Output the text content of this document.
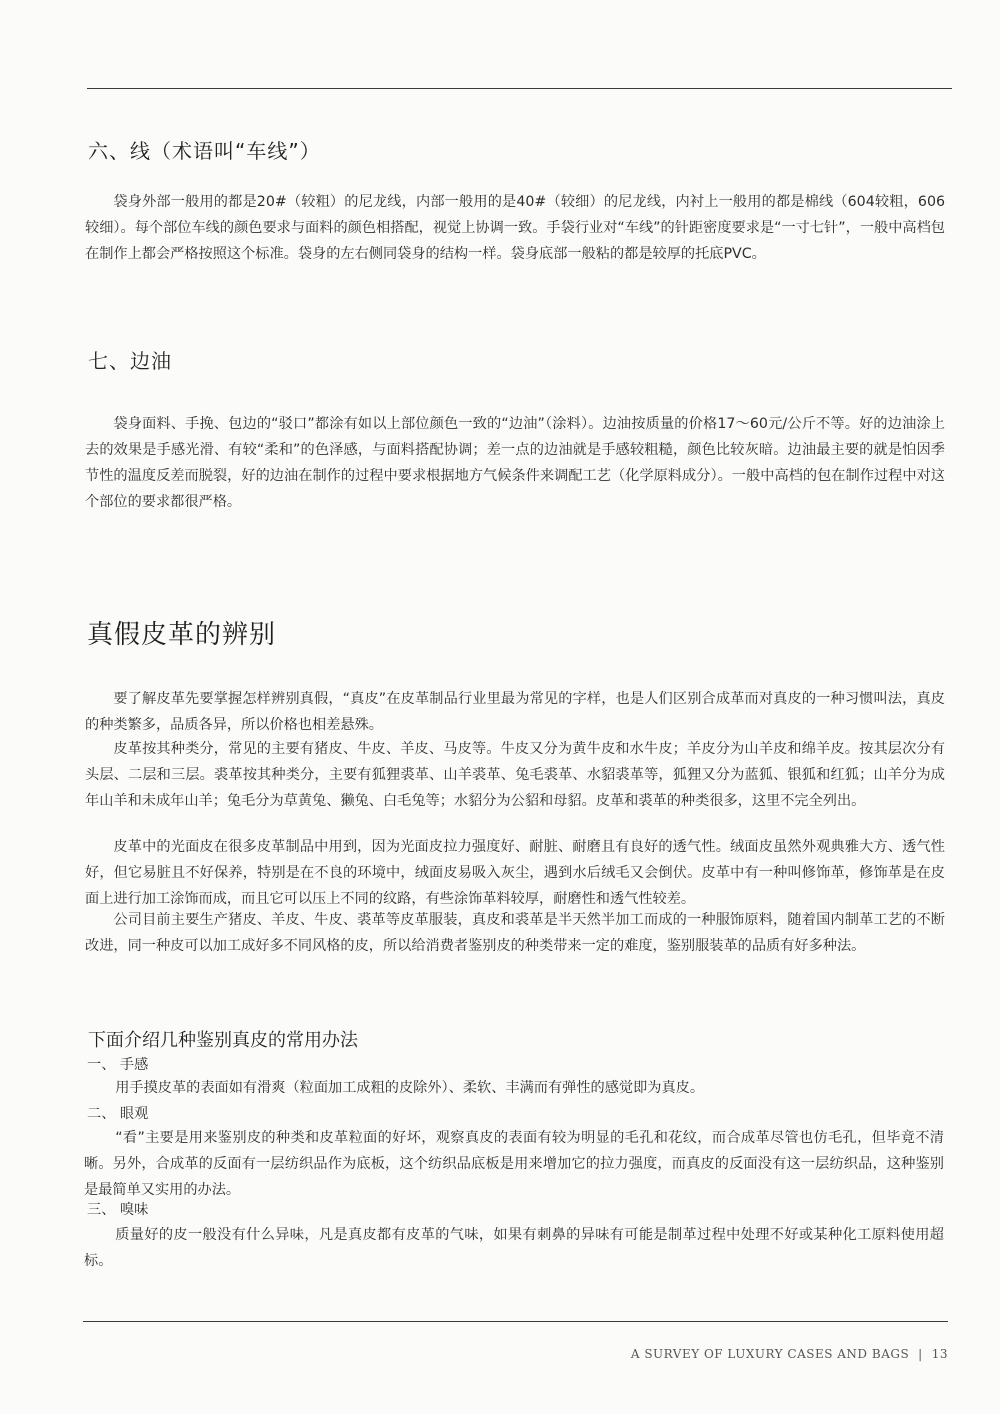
六、线（术语叫“车线”）

袋身外部一般用的都是20#（较粗）的尼龙线，内部一般用的是40#（较细）的尼龙线，内衬上一般用的都是棉线（604较粗，606较细）。每个部位车线的颜色要求与面料的颜色相搭配，视觉上协调一致。手袋行业对“车线”的针距密度要求是“一寸七针”，一般中高档包在制作上都会严格按照这个标准。袋身的左右侧同袋身的结构一样。袋身底部一般粘的都是较厚的托底PVC。

七、边油

袋身面料、手挽、包边的“驳口”都涂有如以上部位颜色一致的“边油”（涂料）。边油按质量的价格17～60元/公斤不等。好的边油涂上去的效果是手感光滑、有较“柔和”的色泽感，与面料搭配协调；差一点的边油就是手感较粗糙，颜色比较灰暗。边油最主要的就是怕因季节性的温度反差而脱裂，好的边油在制作的过程中要求根据地方气候条件来调配工艺（化学原料成分）。一般中高档的包在制作过程中对这个部位的要求都很严格。

真假皮革的辨别

要了解皮革先要掌握怎样辨别真假，“真皮”在皮革制品行业里最为常见的字样，也是人们区别合成革而对真皮的一种习惯叫法，真皮的种类繁多，品质各异，所以价格也相差悬殊。

皮革按其种类分，常见的主要有猪皮、牛皮、羊皮、马皮等。牛皮又分为黄牛皮和水牛皮；羊皮分为山羊皮和绵羊皮。按其层次分有头层、二层和三层。裘革按其种类分，主要有狐狸裘革、山羊裘革、兔毛裘革、水貂裘革等，狐狸又分为蓝狐、银狐和红狐；山羊分为成年山羊和未成年山羊；兔毛分为草黄兔、獭兔、白毛兔等；水貂分为公貂和母貂。皮革和裘革的种类很多，这里不完全列出。

皮革中的光面皮在很多皮革制品中用到，因为光面皮拉力强度好、耐脏、耐磨且有良好的透气性。绒面皮虽然外观典雅大方、透气性好，但它易脏且不好保养，特别是在不良的环境中，绒面皮易吸入灰尘，遇到水后绒毛又会倒伏。皮革中有一种叫修饰革，修饰革是在皮面上进行加工涂饰而成，而且它可以压上不同的纹路，有些涂饰革料较厚，耐磨性和透气性较差。

公司目前主要生产猪皮、羊皮、牛皮、裘革等皮革服装，真皮和裘革是半天然半加工而成的一种服饰原料，随着国内制革工艺的不断改进，同一种皮可以加工成好多不同风格的皮，所以给消费者鉴别皮的种类带来一定的难度，鉴别服装革的品质有好多种法。

下面介绍几种鉴别真皮的常用办法

一、 手感

用手摸皮革的表面如有滑爽（粒面加工成粗的皮除外）、柔软、丰满而有弹性的感觉即为真皮。

二、 眼观

“看”主要是用来鉴别皮的种类和皮革粒面的好坏，观察真皮的表面有较为明显的毛孔和花纹，而合成革尽管也仿毛孔，但毕竟不清晰。另外，合成革的反面有一层纺织品作为底板，这个纺织品底板是用来增加它的拉力强度，而真皮的反面没有这一层纺织品，这种鉴别是最简单又实用的办法。

三、 嗅味

质量好的皮一般没有什么异味，凡是真皮都有皮革的气味，如果有刺鼻的异味有可能是制革过程中处理不好或某种化工原料使用超标。

A SURVEY OF LUXURY CASES AND BAGS | 13
